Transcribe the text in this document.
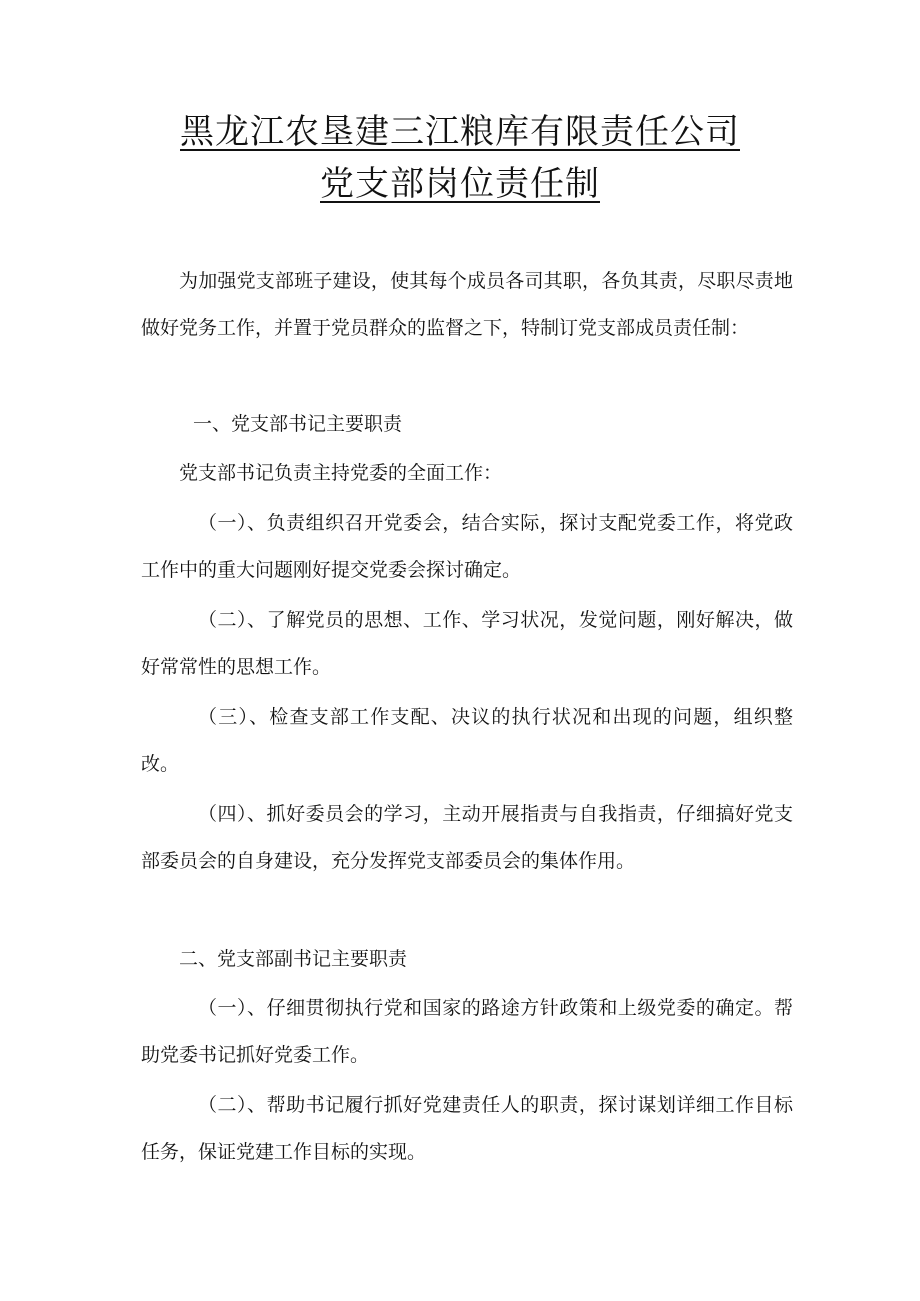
黑龙江农垦建三江粮库有限责任公司
党支部岗位责任制

为加强党支部班子建设，使其每个成员各司其职，各负其责，尽职尽责地做好党务工作，并置于党员群众的监督之下，特制订党支部成员责任制：

一、党支部书记主要职责

党支部书记负责主持党委的全面工作：

（一）、负责组织召开党委会，结合实际，探讨支配党委工作，将党政工作中的重大问题刚好提交党委会探讨确定。

（二）、了解党员的思想、工作、学习状况，发觉问题，刚好解决，做好常常性的思想工作。

（三）、检查支部工作支配、决议的执行状况和出现的问题，组织整改。

（四）、抓好委员会的学习，主动开展指责与自我指责，仔细搞好党支部委员会的自身建设，充分发挥党支部委员会的集体作用。

二、党支部副书记主要职责

（一）、仔细贯彻执行党和国家的路途方针政策和上级党委的确定。帮助党委书记抓好党委工作。

（二）、帮助书记履行抓好党建责任人的职责，探讨谋划详细工作目标任务，保证党建工作目标的实现。
